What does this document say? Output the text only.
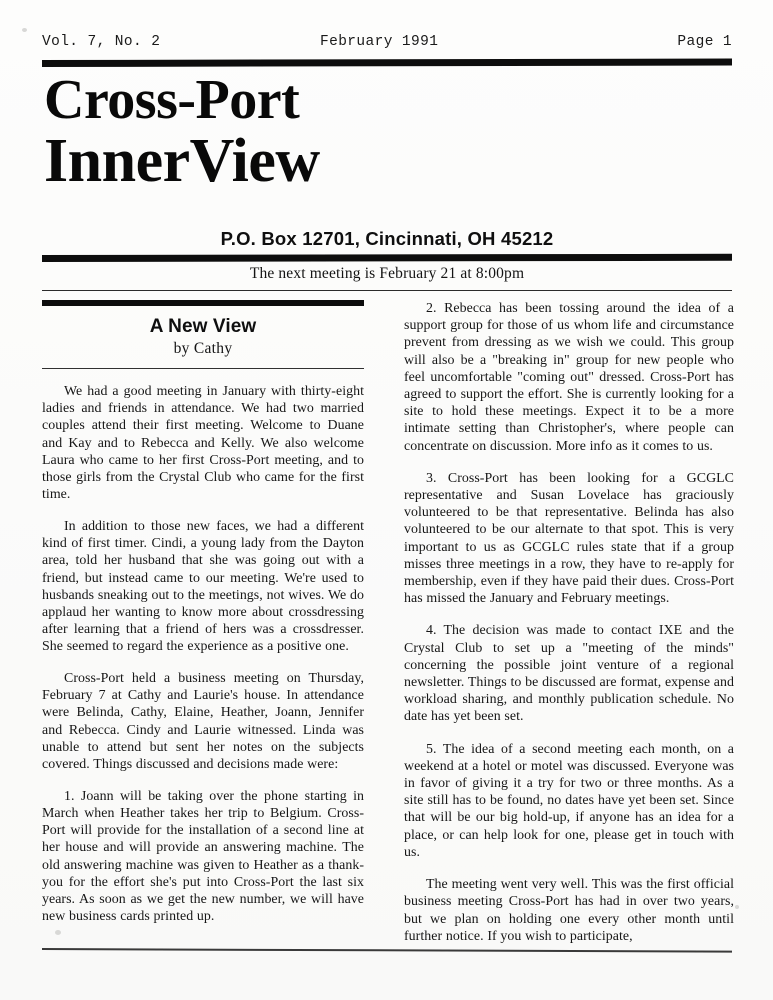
Vol. 7, No. 2	February 1991	Page 1
Cross-Port
InnerView
P.O. Box 12701, Cincinnati, OH 45212
The next meeting is February 21 at 8:00pm
A New View
by Cathy

We had a good meeting in January with thirty-eight ladies and friends in attendance. We had two married couples attend their first meeting. Welcome to Duane and Kay and to Rebecca and Kelly. We also welcome Laura who came to her first Cross-Port meeting, and to those girls from the Crystal Club who came for the first time.

In addition to those new faces, we had a different kind of first timer. Cindi, a young lady from the Dayton area, told her husband that she was going out with a friend, but instead came to our meeting. We're used to husbands sneaking out to the meetings, not wives. We do applaud her wanting to know more about crossdressing after learning that a friend of hers was a crossdresser. She seemed to regard the experience as a positive one.

Cross-Port held a business meeting on Thursday, February 7 at Cathy and Laurie's house. In attendance were Belinda, Cathy, Elaine, Heather, Joann, Jennifer and Rebecca. Cindy and Laurie witnessed. Linda was unable to attend but sent her notes on the subjects covered. Things discussed and decisions made were:

1. Joann will be taking over the phone starting in March when Heather takes her trip to Belgium. Cross-Port will provide for the installation of a second line at her house and will provide an answering machine. The old answering machine was given to Heather as a thank-you for the effort she's put into Cross-Port the last six years. As soon as we get the new number, we will have new business cards printed up.

2. Rebecca has been tossing around the idea of a support group for those of us whom life and circumstance prevent from dressing as we wish we could. This group will also be a "breaking in" group for new people who feel uncomfortable "coming out" dressed. Cross-Port has agreed to support the effort. She is currently looking for a site to hold these meetings. Expect it to be a more intimate setting than Christopher's, where people can concentrate on discussion. More info as it comes to us.

3. Cross-Port has been looking for a GCGLC representative and Susan Lovelace has graciously volunteered to be that representative. Belinda has also volunteered to be our alternate to that spot. This is very important to us as GCGLC rules state that if a group misses three meetings in a row, they have to re-apply for membership, even if they have paid their dues. Cross-Port has missed the January and February meetings.

4. The decision was made to contact IXE and the Crystal Club to set up a "meeting of the minds" concerning the possible joint venture of a regional newsletter. Things to be discussed are format, expense and workload sharing, and monthly publication schedule. No date has yet been set.

5. The idea of a second meeting each month, on a weekend at a hotel or motel was discussed. Everyone was in favor of giving it a try for two or three months. As a site still has to be found, no dates have yet been set. Since that will be our big hold-up, if anyone has an idea for a place, or can help look for one, please get in touch with us.

The meeting went very well. This was the first official business meeting Cross-Port has had in over two years, but we plan on holding one every other month until further notice. If you wish to participate,
